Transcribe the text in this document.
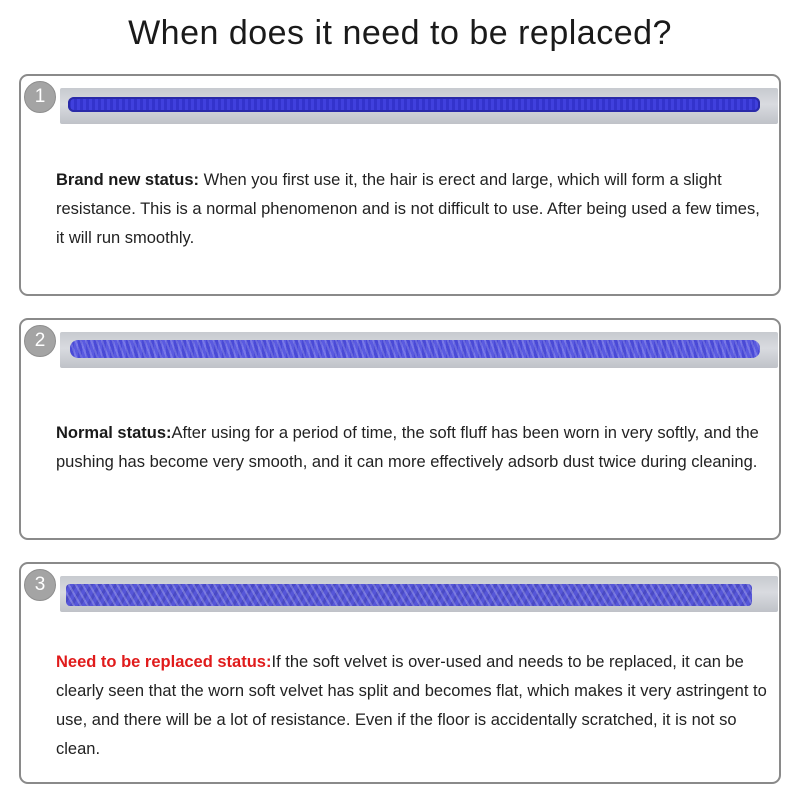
When does it need to be replaced?
1
Brand new status: When you first use it, the hair is erect and large, which will form a slight resistance. This is a normal phenomenon and is not difficult to use. After being used a few times, it will run smoothly.
2
Normal status:After using for a period of time, the soft fluff has been worn in very softly, and the pushing has become very smooth, and it can more effectively adsorb dust twice during cleaning.
3
Need to be replaced status:If the soft velvet is over-used and needs to be replaced, it can be clearly seen that the worn soft velvet has split and becomes flat, which makes it very astringent to use, and there will be a lot of resistance. Even if the floor is accidentally scratched, it is not so clean.
